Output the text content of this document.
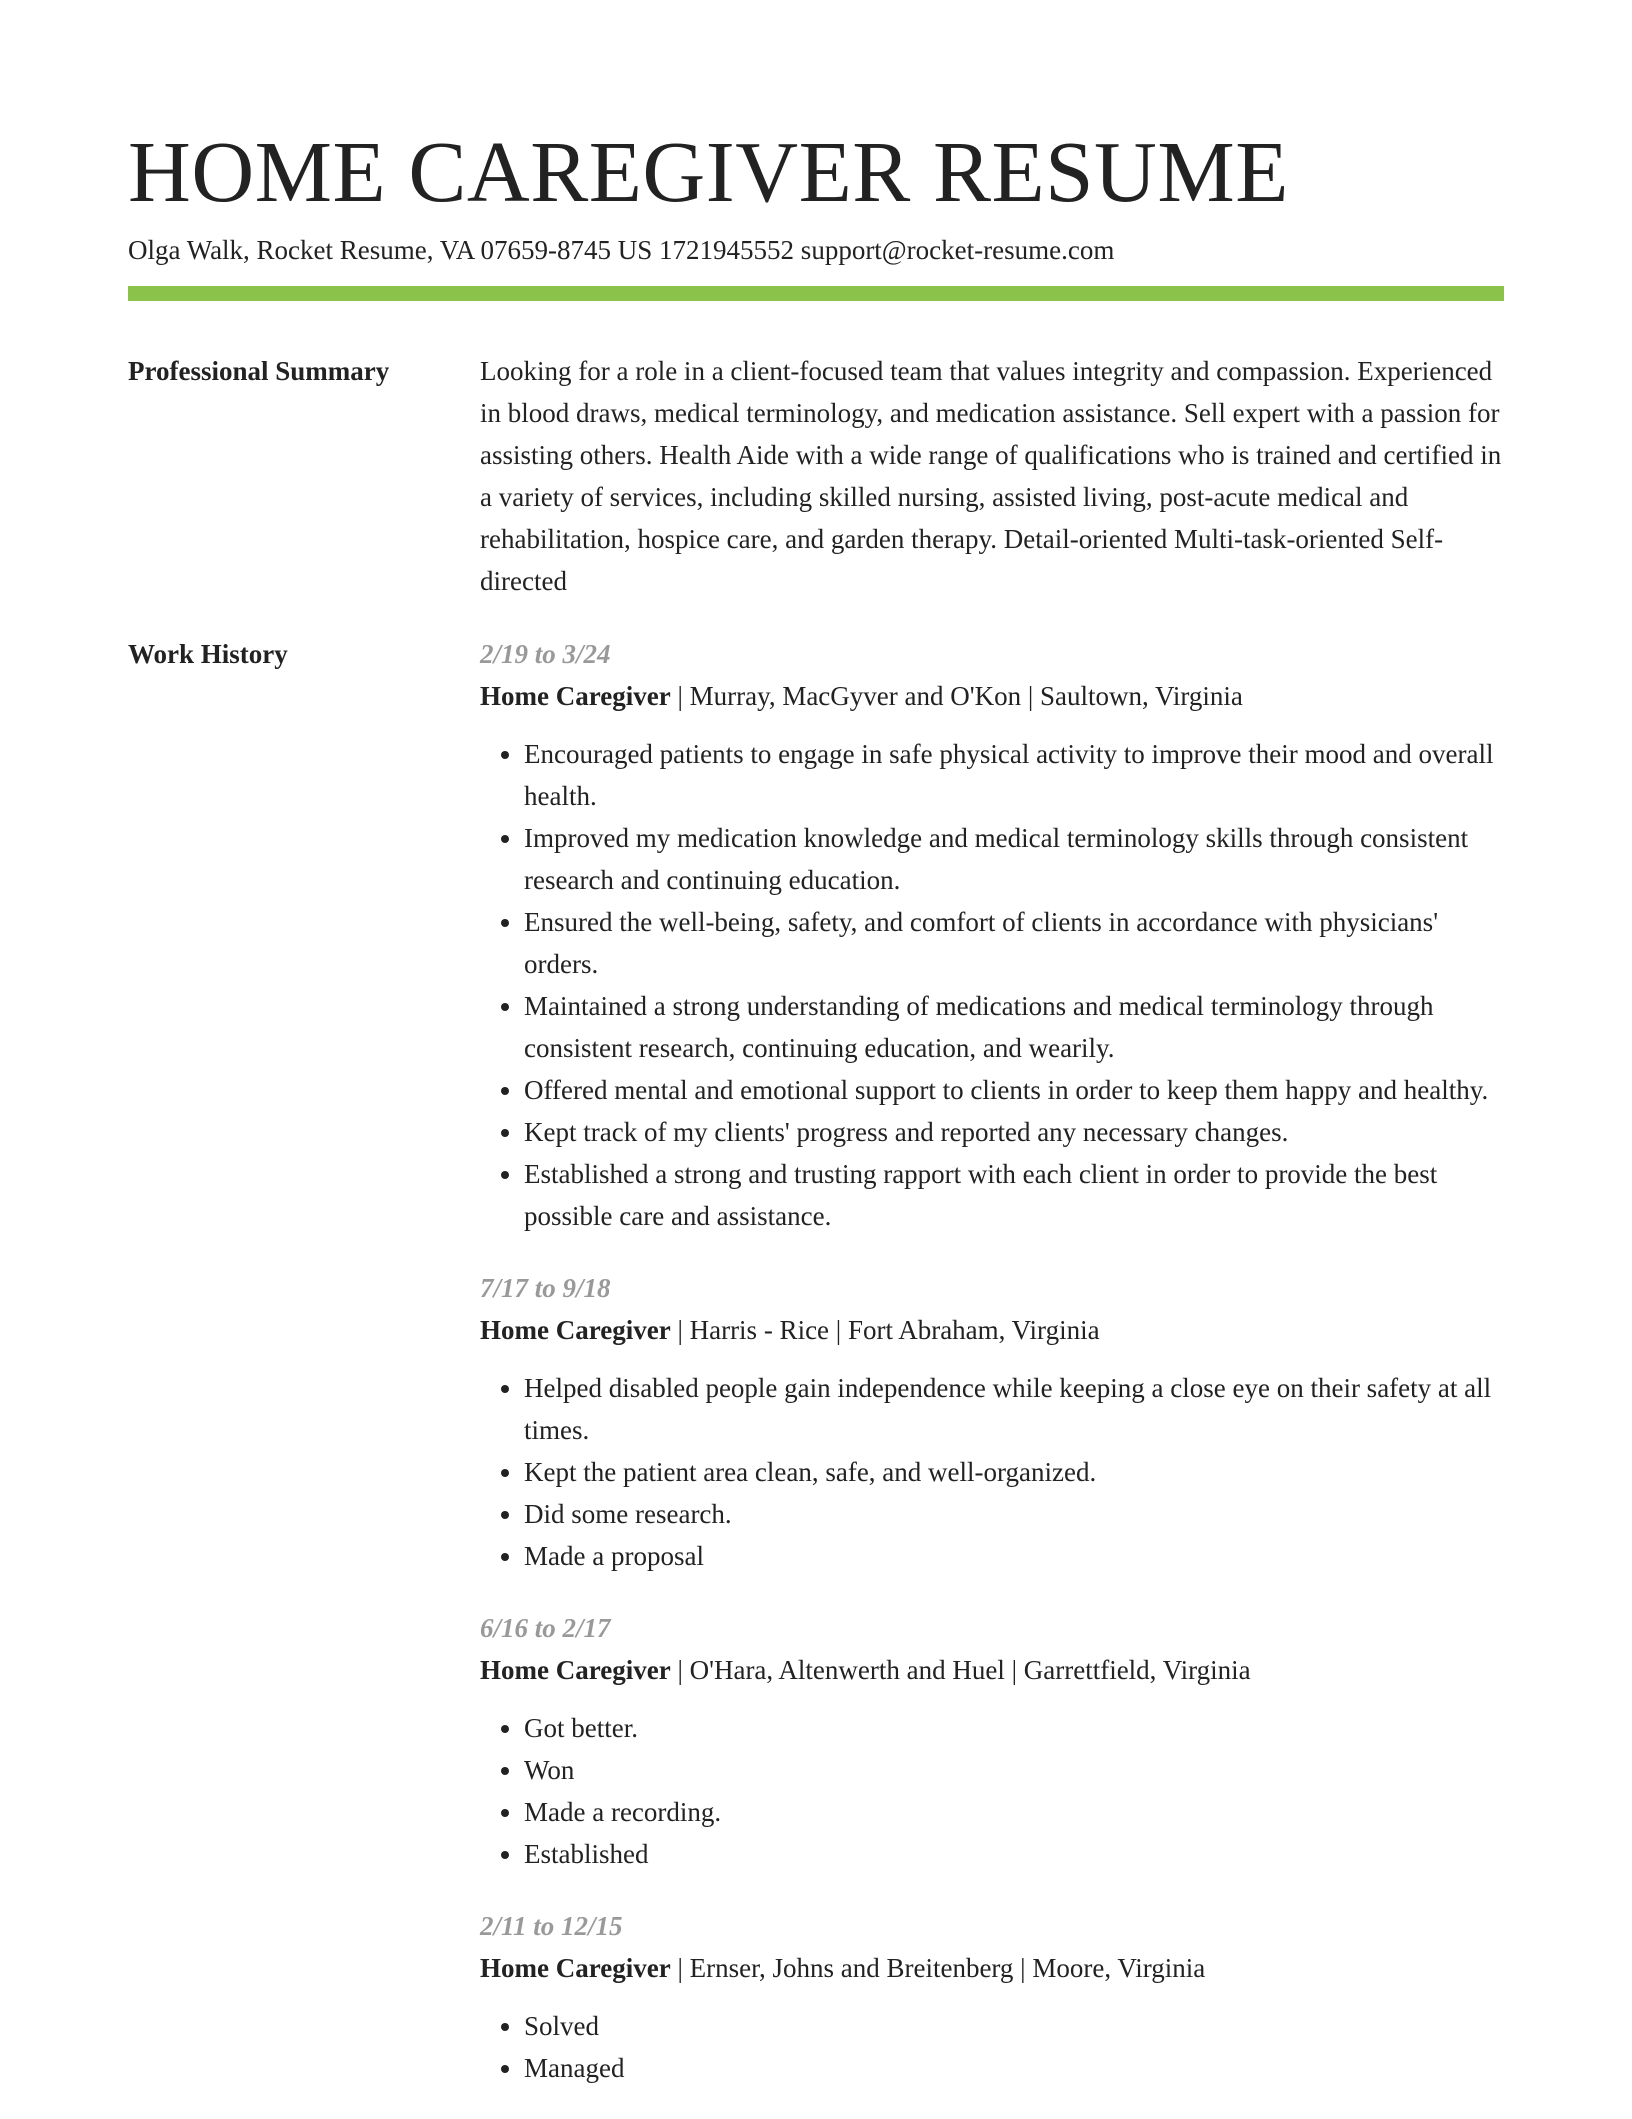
HOME CAREGIVER RESUME
Olga Walk, Rocket Resume, VA 07659-8745 US 1721945552 support@rocket-resume.com
Professional Summary	Looking for a role in a client-focused team that values integrity and compassion. Experienced in blood draws, medical terminology, and medication assistance. Sell expert with a passion for assisting others. Health Aide with a wide range of qualifications who is trained and certified in a variety of services, including skilled nursing, assisted living, post-acute medical and rehabilitation, hospice care, and garden therapy. Detail-oriented Multi-task-oriented Self-directed

Work History	2/19 to 3/24
Home Caregiver | Murray, MacGyver and O'Kon | Saultown, Virginia
• Encouraged patients to engage in safe physical activity to improve their mood and overall health.
• Improved my medication knowledge and medical terminology skills through consistent research and continuing education.
• Ensured the well-being, safety, and comfort of clients in accordance with physicians' orders.
• Maintained a strong understanding of medications and medical terminology through consistent research, continuing education, and wearily.
• Offered mental and emotional support to clients in order to keep them happy and healthy.
• Kept track of my clients' progress and reported any necessary changes.
• Established a strong and trusting rapport with each client in order to provide the best possible care and assistance.
7/17 to 9/18
Home Caregiver | Harris - Rice | Fort Abraham, Virginia
• Helped disabled people gain independence while keeping a close eye on their safety at all times.
• Kept the patient area clean, safe, and well-organized.
• Did some research.
• Made a proposal
6/16 to 2/17
Home Caregiver | O'Hara, Altenwerth and Huel | Garrettfield, Virginia
• Got better.
• Won
• Made a recording.
• Established
2/11 to 12/15
Home Caregiver | Ernser, Johns and Breitenberg | Moore, Virginia
• Solved
• Managed
